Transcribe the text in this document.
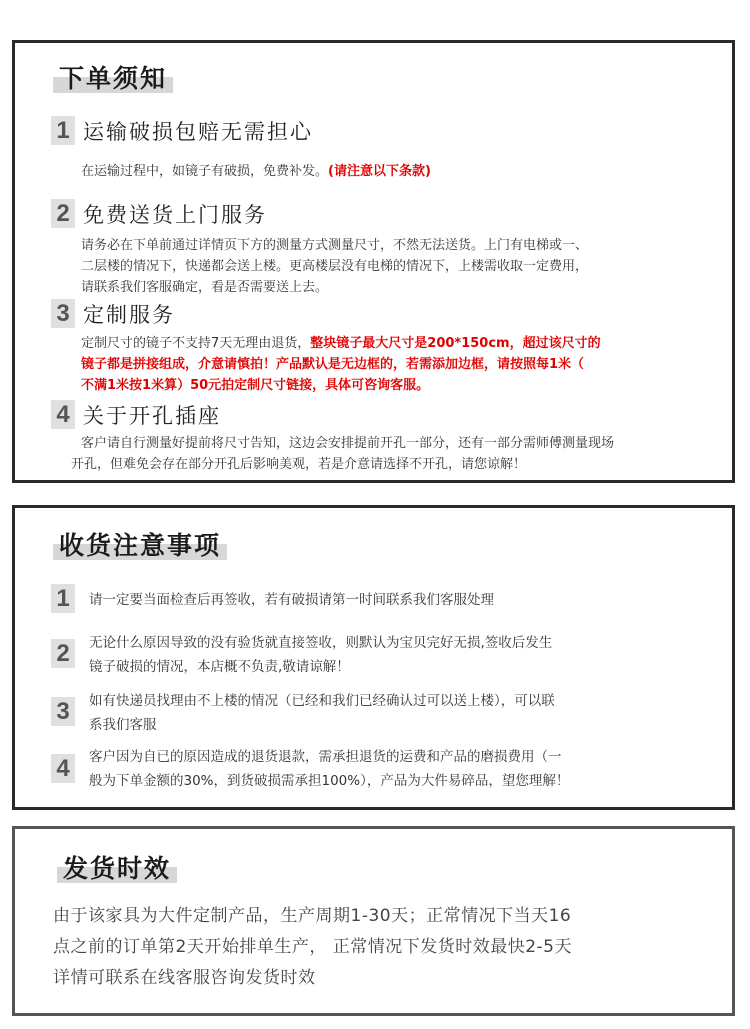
下单须知
1 运输破损包赔无需担心
在运输过程中，如镜子有破损，免费补发。(请注意以下条款)
2 免费送货上门服务
请务必在下单前通过详情页下方的测量方式测量尺寸，不然无法送货。上门有电梯或一、
二层楼的情况下，快递都会送上楼。更高楼层没有电梯的情况下，上楼需收取一定费用，
请联系我们客服确定，看是否需要送上去。
3 定制服务
定制尺寸的镜子不支持7天无理由退货，整块镜子最大尺寸是200*150cm，超过该尺寸的
镜子都是拼接组成，介意请慎拍！产品默认是无边框的，若需添加边框，请按照每1米（
不满1米按1米算）50元拍定制尺寸链接，具体可咨询客服。
4 关于开孔插座
客户请自行测量好提前将尺寸告知，这边会安排提前开孔一部分，还有一部分需师傅测量现场
开孔，但难免会存在部分开孔后影响美观，若是介意请选择不开孔，请您谅解！
收货注意事项
1	请一定要当面检查后再签收，若有破损请第一时间联系我们客服处理
2	无论什么原因导致的没有验货就直接签收，则默认为宝贝完好无损,签收后发生
镜子破损的情况，本店概不负责,敬请谅解！
3	如有快递员找理由不上楼的情况（已经和我们已经确认过可以送上楼），可以联
系我们客服
4	客户因为自已的原因造成的退货退款，需承担退货的运费和产品的磨损费用（一
般为下单金额的30%，到货破损需承担100%），产品为大件易碎品，望您理解！
发货时效
由于该家具为大件定制产品，生产周期1-30天；正常情况下当天16
点之前的订单第2天开始排单生产， 正常情况下发货时效最快2-5天
详情可联系在线客服咨询发货时效
